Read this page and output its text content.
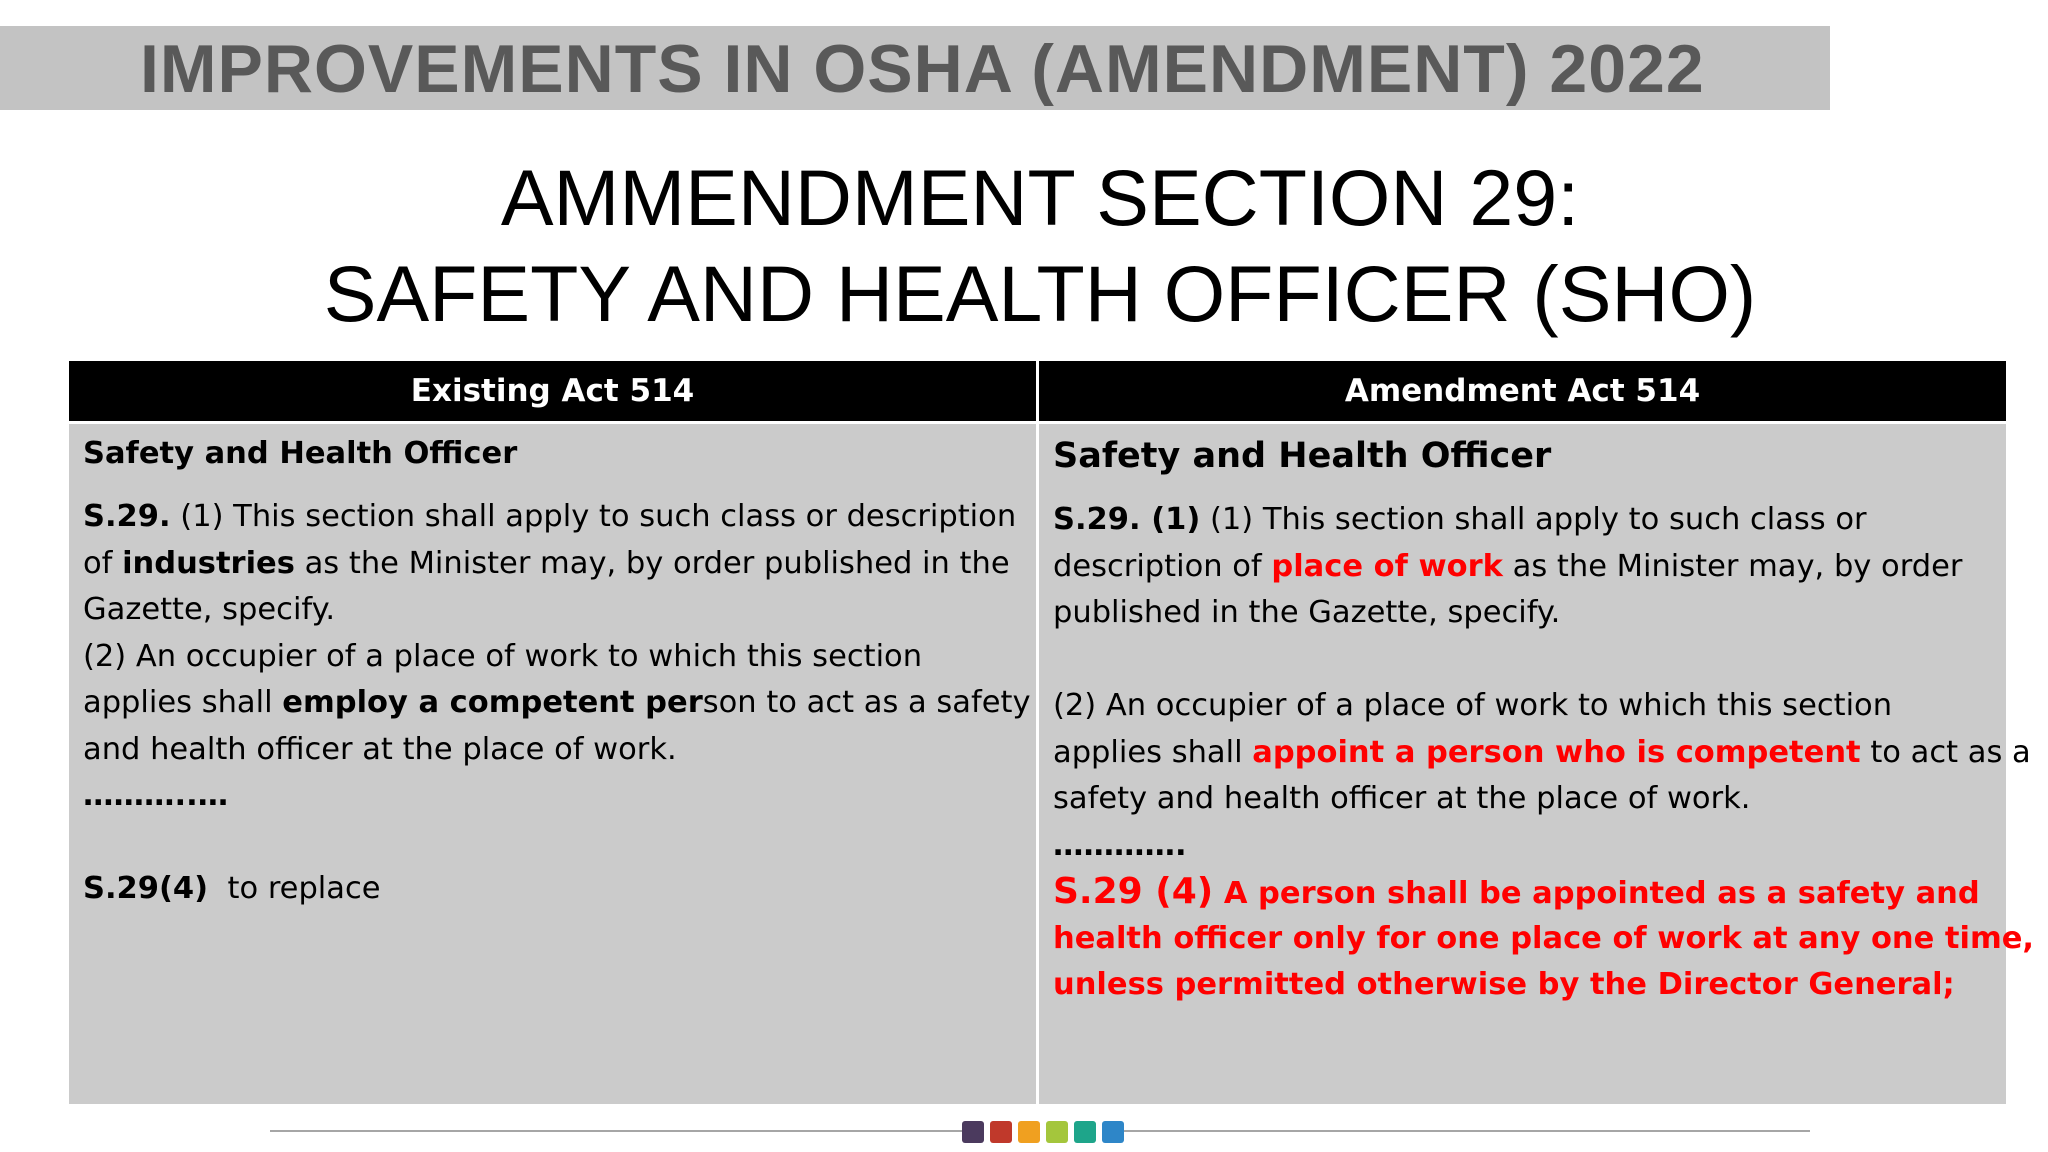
IMPROVEMENTS IN OSHA (AMENDMENT) 2022
AMMENDMENT SECTION 29:
SAFETY AND HEALTH OFFICER (SHO)
Existing Act 514	Amendment Act 514
Safety and Health Officer
S.29. (1) This section shall apply to such class or description
of industries as the Minister may, by order published in the
Gazette, specify.
(2) An occupier of a place of work to which this section
applies shall employ a competent person to act as a safety
and health officer at the place of work.
………..…
S.29(4)  to replace
Safety and Health Officer
S.29. (1) (1) This section shall apply to such class or
description of place of work as the Minister may, by order
published in the Gazette, specify.
(2) An occupier of a place of work to which this section
applies shall appoint a person who is competent to act as a
safety and health officer at the place of work.
………….
S.29 (4) A person shall be appointed as a safety and
health officer only for one place of work at any one time,
unless permitted otherwise by the Director General;
